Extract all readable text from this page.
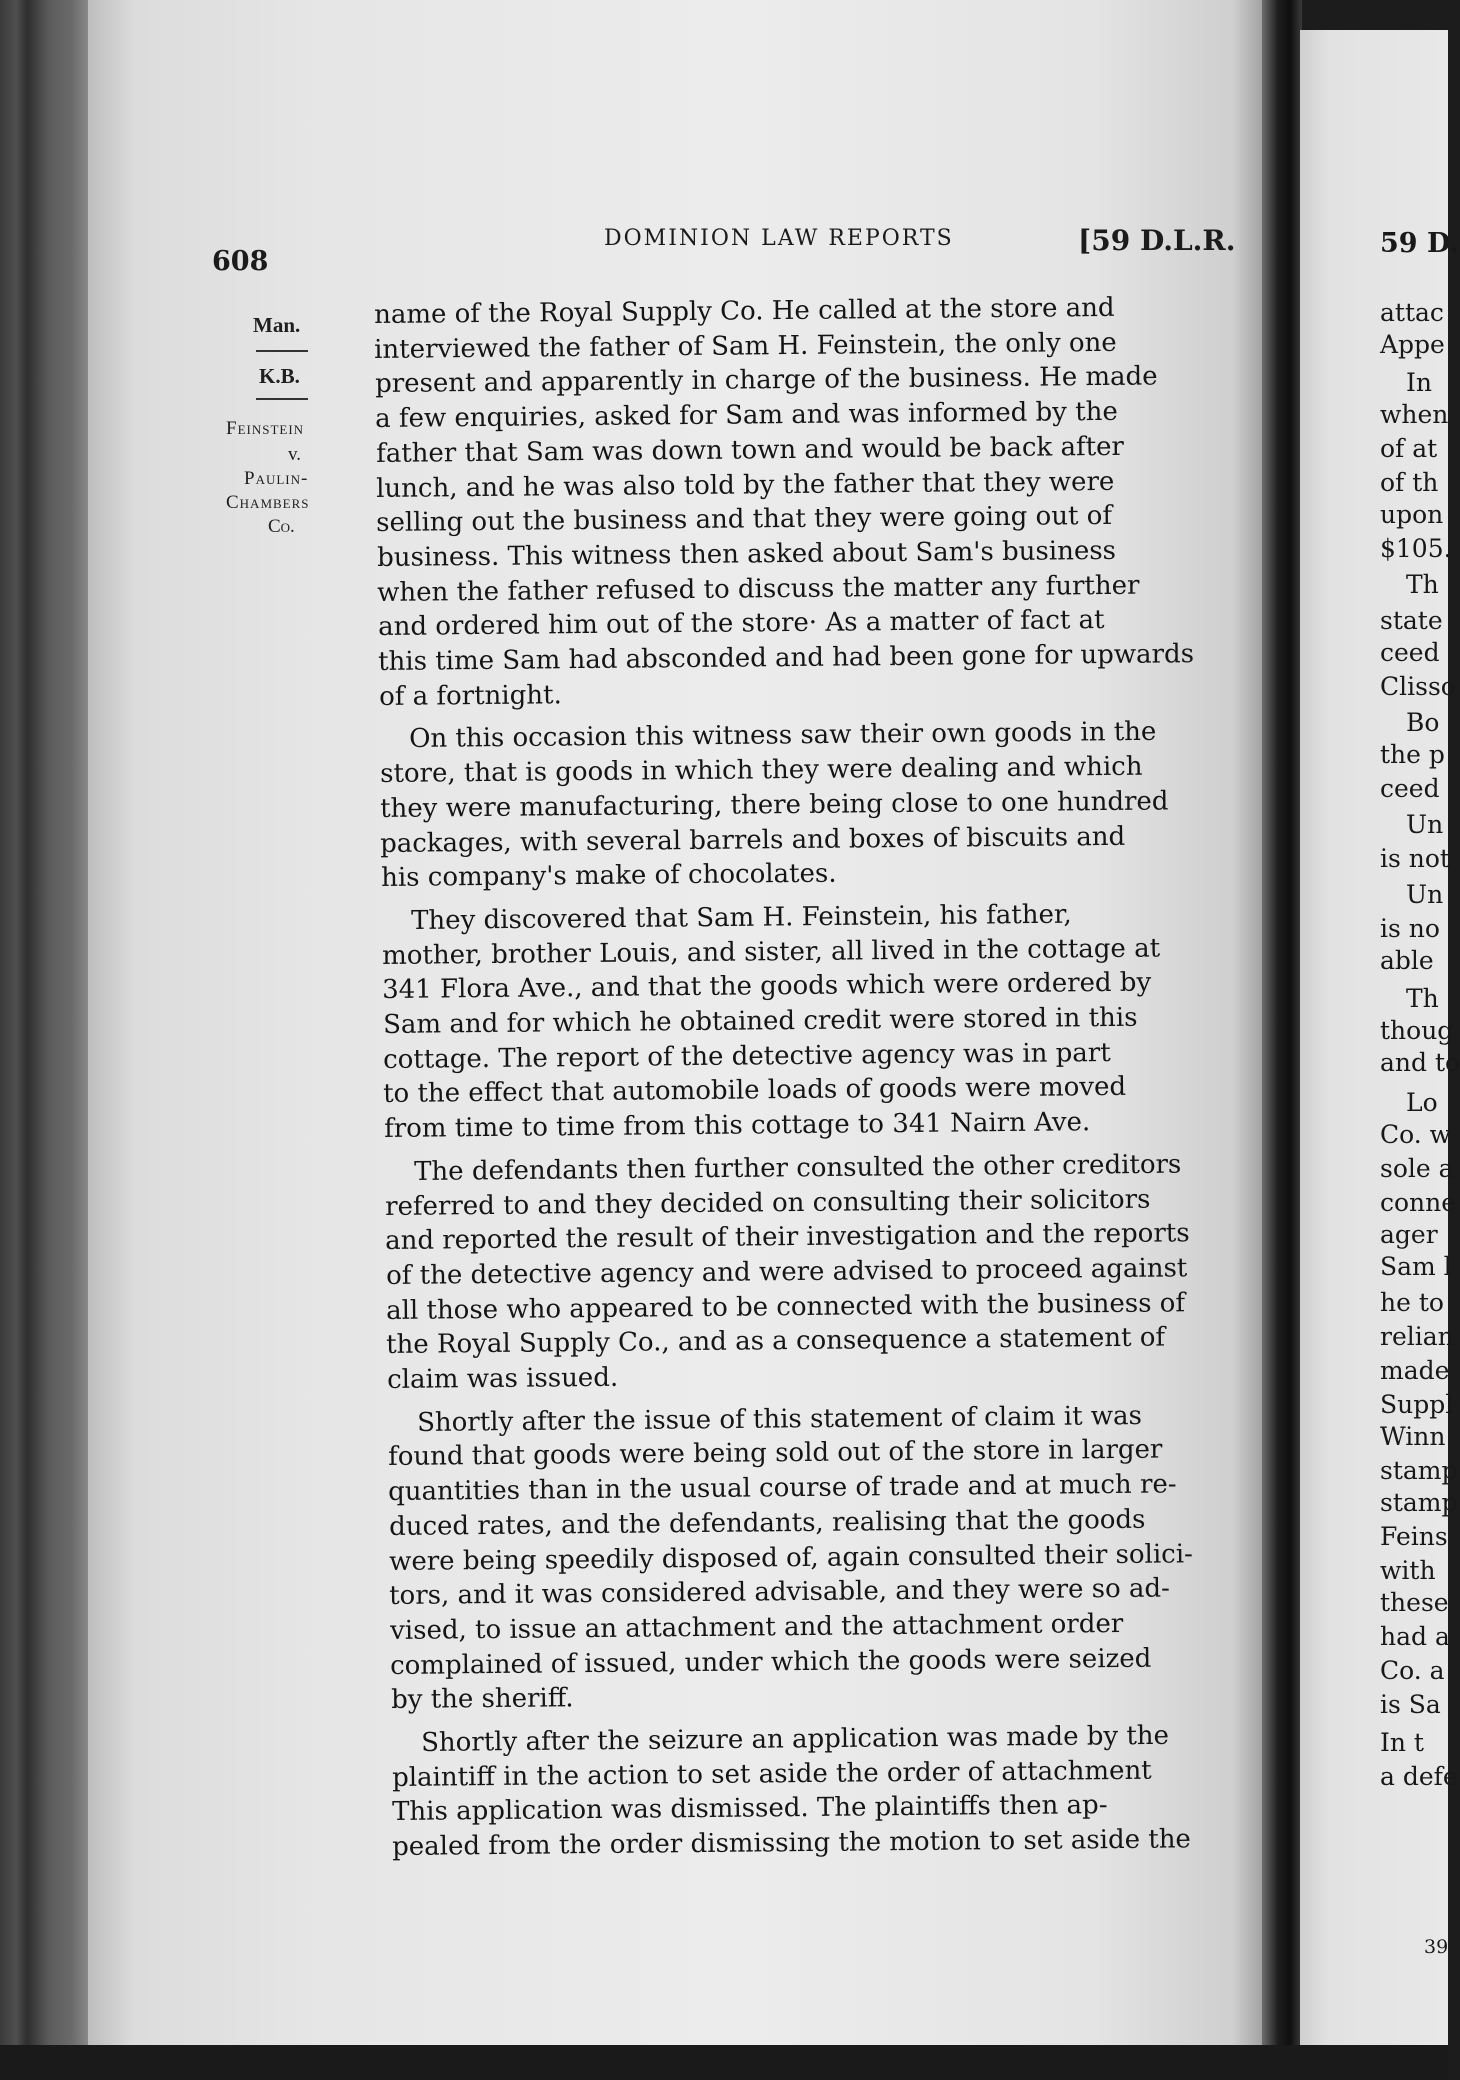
608
DOMINION LAW REPORTS	[59 D.L.R.
Man.
K.B.
Feinstein
v.
Paulin-
Chambers
Co.
name of the Royal Supply Co. He called at the store and
interviewed the father of Sam H. Feinstein, the only one
present and apparently in charge of the business. He made
a few enquiries, asked for Sam and was informed by the
father that Sam was down town and would be back after
lunch, and he was also told by the father that they were
selling out the business and that they were going out of
business. This witness then asked about Sam's business
when the father refused to discuss the matter any further
and ordered him out of the store· As a matter of fact at
this time Sam had absconded and had been gone for upwards
of a fortnight.
On this occasion this witness saw their own goods in the
store, that is goods in which they were dealing and which
they were manufacturing, there being close to one hundred
packages, with several barrels and boxes of biscuits and
his company's make of chocolates.
They discovered that Sam H. Feinstein, his father,
mother, brother Louis, and sister, all lived in the cottage at
341 Flora Ave., and that the goods which were ordered by
Sam and for which he obtained credit were stored in this
cottage. The report of the detective agency was in part
to the effect that automobile loads of goods were moved
from time to time from this cottage to 341 Nairn Ave.
The defendants then further consulted the other creditors
referred to and they decided on consulting their solicitors
and reported the result of their investigation and the reports
of the detective agency and were advised to proceed against
all those who appeared to be connected with the business of
the Royal Supply Co., and as a consequence a statement of
claim was issued.
Shortly after the issue of this statement of claim it was
found that goods were being sold out of the store in larger
quantities than in the usual course of trade and at much re-
duced rates, and the defendants, realising that the goods
were being speedily disposed of, again consulted their solici-
tors, and it was considered advisable, and they were so ad-
vised, to issue an attachment and the attachment order
complained of issued, under which the goods were seized
by the sheriff.
Shortly after the seizure an application was made by the
plaintiff in the action to set aside the order of attachment
This application was dismissed. The plaintiffs then ap-
pealed from the order dismissing the motion to set aside the
59 D.
attac
Appe
In
when
of at
of th
upon
$105.
Th
state
ceed
Clisso
Bo
the p
ceed
Un
is not
Un
is no
able
Th
thoug
and to
Lo
Co. w
sole a
conne
ager
Sam l
he to
relian
made
Suppl
Winn
stamp
stamp
Feins
with
these
had a
Co. a
is Sa
In t
a defe
39
